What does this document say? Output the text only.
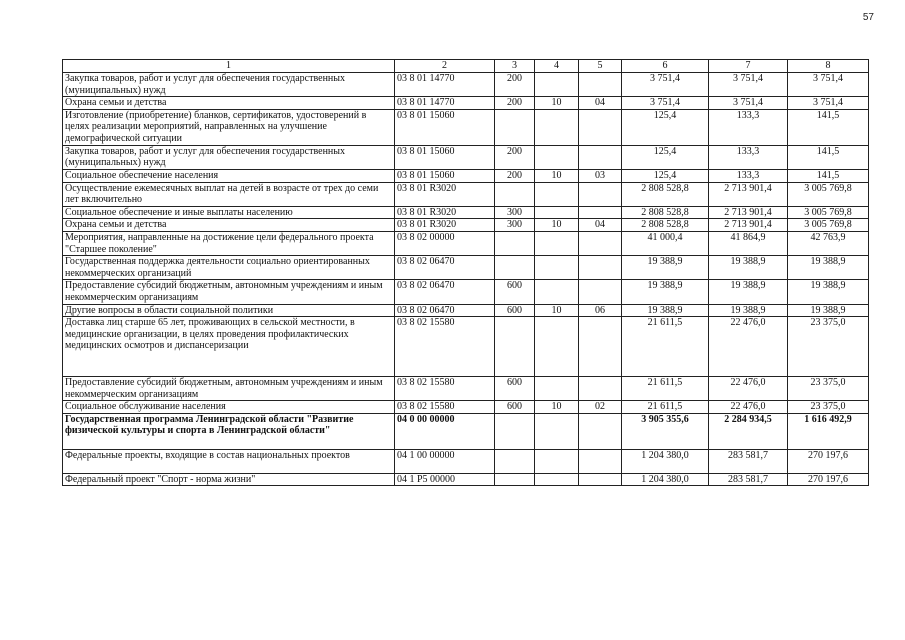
57
1	2	3	4	5	6	7	8
Закупка товаров, работ и услуг для обеспечения государственных (муниципальных) нужд	03 8 01 14770	200			3 751,4	3 751,4	3 751,4
Охрана семьи и детства	03 8 01 14770	200	10	04	3 751,4	3 751,4	3 751,4
Изготовление (приобретение) бланков, сертификатов, удостоверений в целях реализации мероприятий, направленных на улучшение демографической ситуации	03 8 01 15060				125,4	133,3	141,5
Закупка товаров, работ и услуг для обеспечения государственных (муниципальных) нужд	03 8 01 15060	200			125,4	133,3	141,5
Социальное обеспечение населения	03 8 01 15060	200	10	03	125,4	133,3	141,5
Осуществление ежемесячных выплат на детей в возрасте от трех до семи лет включительно	03 8 01 R3020				2 808 528,8	2 713 901,4	3 005 769,8
Социальное обеспечение и иные выплаты населению	03 8 01 R3020	300			2 808 528,8	2 713 901,4	3 005 769,8
Охрана семьи и детства	03 8 01 R3020	300	10	04	2 808 528,8	2 713 901,4	3 005 769,8
Мероприятия, направленные на достижение цели федерального проекта "Старшее поколение"	03 8 02 00000				41 000,4	41 864,9	42 763,9
Государственная поддержка деятельности социально ориентированных некоммерческих организаций	03 8 02 06470				19 388,9	19 388,9	19 388,9
Предоставление субсидий бюджетным, автономным учреждениям и иным некоммерческим организациям	03 8 02 06470	600			19 388,9	19 388,9	19 388,9
Другие вопросы в области социальной политики	03 8 02 06470	600	10	06	19 388,9	19 388,9	19 388,9
Доставка лиц старше 65 лет, проживающих в сельской местности, в медицинские организации, в целях проведения профилактических медицинских осмотров и диспансеризации	03 8 02 15580				21 611,5	22 476,0	23 375,0
Предоставление субсидий бюджетным, автономным учреждениям и иным некоммерческим организациям	03 8 02 15580	600			21 611,5	22 476,0	23 375,0
Социальное обслуживание населения	03 8 02 15580	600	10	02	21 611,5	22 476,0	23 375,0
Государственная программа Ленинградской области "Развитие физической культуры и спорта в Ленинградской области"	04 0 00 00000				3 905 355,6	2 284 934,5	1 616 492,9
Федеральные проекты, входящие в состав национальных проектов	04 1 00 00000				1 204 380,0	283 581,7	270 197,6
Федеральный проект "Спорт - норма жизни"	04 1 P5 00000				1 204 380,0	283 581,7	270 197,6
